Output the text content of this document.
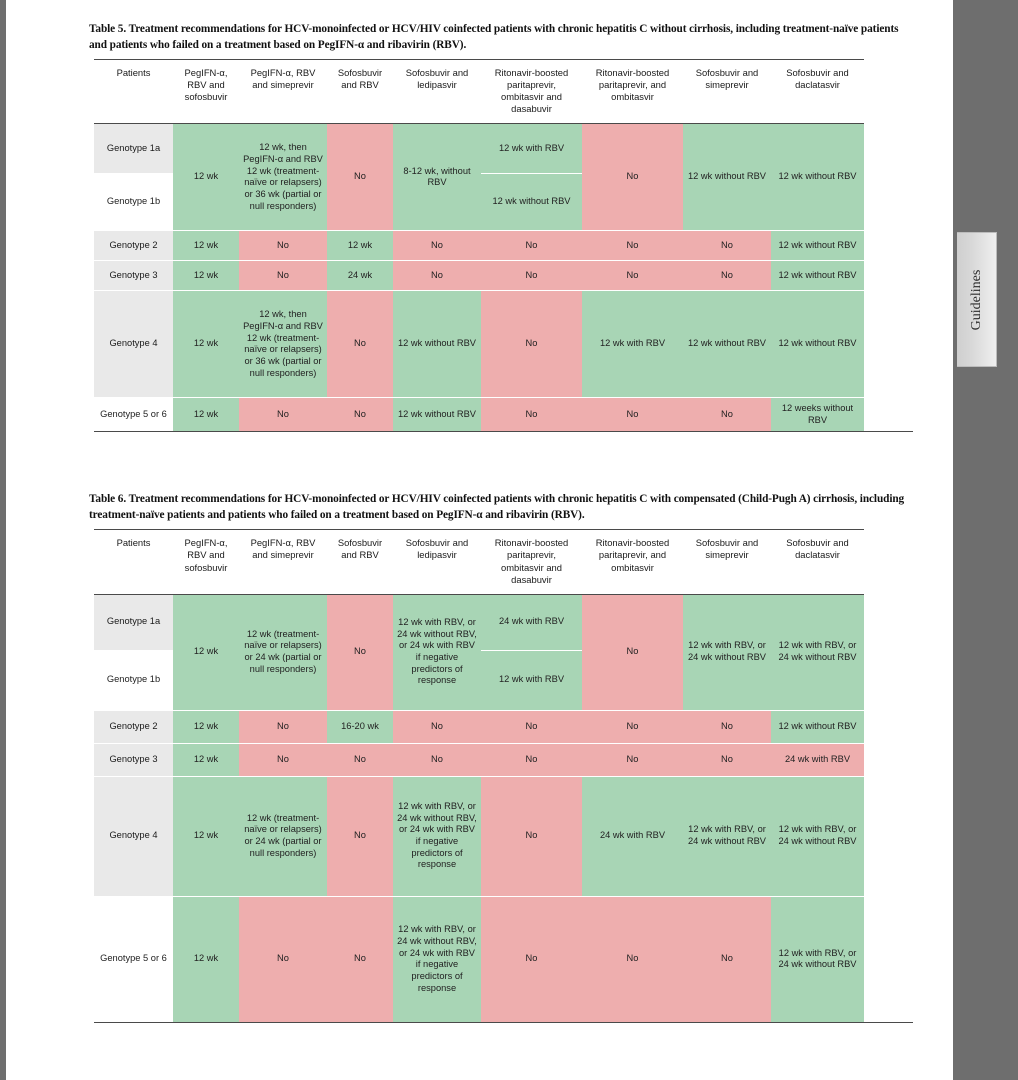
Table 5. Treatment recommendations for HCV-monoinfected or HCV/HIV coinfected patients with chronic hepatitis C without cirrhosis, including treatment-naïve patients and patients who failed on a treatment based on PegIFN-α and ribavirin (RBV).

Patients	PegIFN-α, RBV and sofosbuvir	PegIFN-α, RBV and simeprevir	Sofosbuvir and RBV	Sofosbuvir and ledipasvir	Ritonavir-boosted paritaprevir, ombitasvir and dasabuvir	Ritonavir-boosted paritaprevir, and ombitasvir	Sofosbuvir and simeprevir	Sofosbuvir and daclatasvir
Genotype 1a	12 wk	12 wk, then PegIFN-α and RBV 12 wk (treatment-naïve or relapsers) or 36 wk (partial or null responders)	No	8-12 wk, without RBV	12 wk with RBV	No	12 wk without RBV	12 wk without RBV
Genotype 1b					12 wk without RBV			
Genotype 2	12 wk	No	12 wk	No	No	No	No	12 wk without RBV
Genotype 3	12 wk	No	24 wk	No	No	No	No	12 wk without RBV
Genotype 4	12 wk	12 wk, then PegIFN-α and RBV 12 wk (treatment-naïve or relapsers) or 36 wk (partial or null responders)	No	12 wk without RBV	No	12 wk with RBV	12 wk without RBV	12 wk without RBV
Genotype 5 or 6	12 wk	No	No	12 wk without RBV	No	No	No	12 weeks without RBV

Table 6. Treatment recommendations for HCV-monoinfected or HCV/HIV coinfected patients with chronic hepatitis C with compensated (Child-Pugh A) cirrhosis, including treatment-naïve patients and patients who failed on a treatment based on PegIFN-α and ribavirin (RBV).

Patients	PegIFN-α, RBV and sofosbuvir	PegIFN-α, RBV and simeprevir	Sofosbuvir and RBV	Sofosbuvir and ledipasvir	Ritonavir-boosted paritaprevir, ombitasvir and dasabuvir	Ritonavir-boosted paritaprevir, and ombitasvir	Sofosbuvir and simeprevir	Sofosbuvir and daclatasvir
Genotype 1a	12 wk	12 wk (treatment-naïve or relapsers) or 24 wk (partial or null responders)	No	12 wk with RBV, or 24 wk without RBV, or 24 wk with RBV if negative predictors of response	24 wk with RBV	No	12 wk with RBV, or 24 wk without RBV	12 wk with RBV, or 24 wk without RBV
Genotype 1b					12 wk with RBV			
Genotype 2	12 wk	No	16-20 wk	No	No	No	No	12 wk without RBV
Genotype 3	12 wk	No	No	No	No	No	No	24 wk with RBV
Genotype 4	12 wk	12 wk (treatment-naïve or relapsers) or 24 wk (partial or null responders)	No	12 wk with RBV, or 24 wk without RBV, or 24 wk with RBV if negative predictors of response	No	24 wk with RBV	12 wk with RBV, or 24 wk without RBV	12 wk with RBV, or 24 wk without RBV
Genotype 5 or 6	12 wk	No	No	12 wk with RBV, or 24 wk without RBV, or 24 wk with RBV if negative predictors of response	No	No	No	12 wk with RBV, or 24 wk without RBV
Guidelines
